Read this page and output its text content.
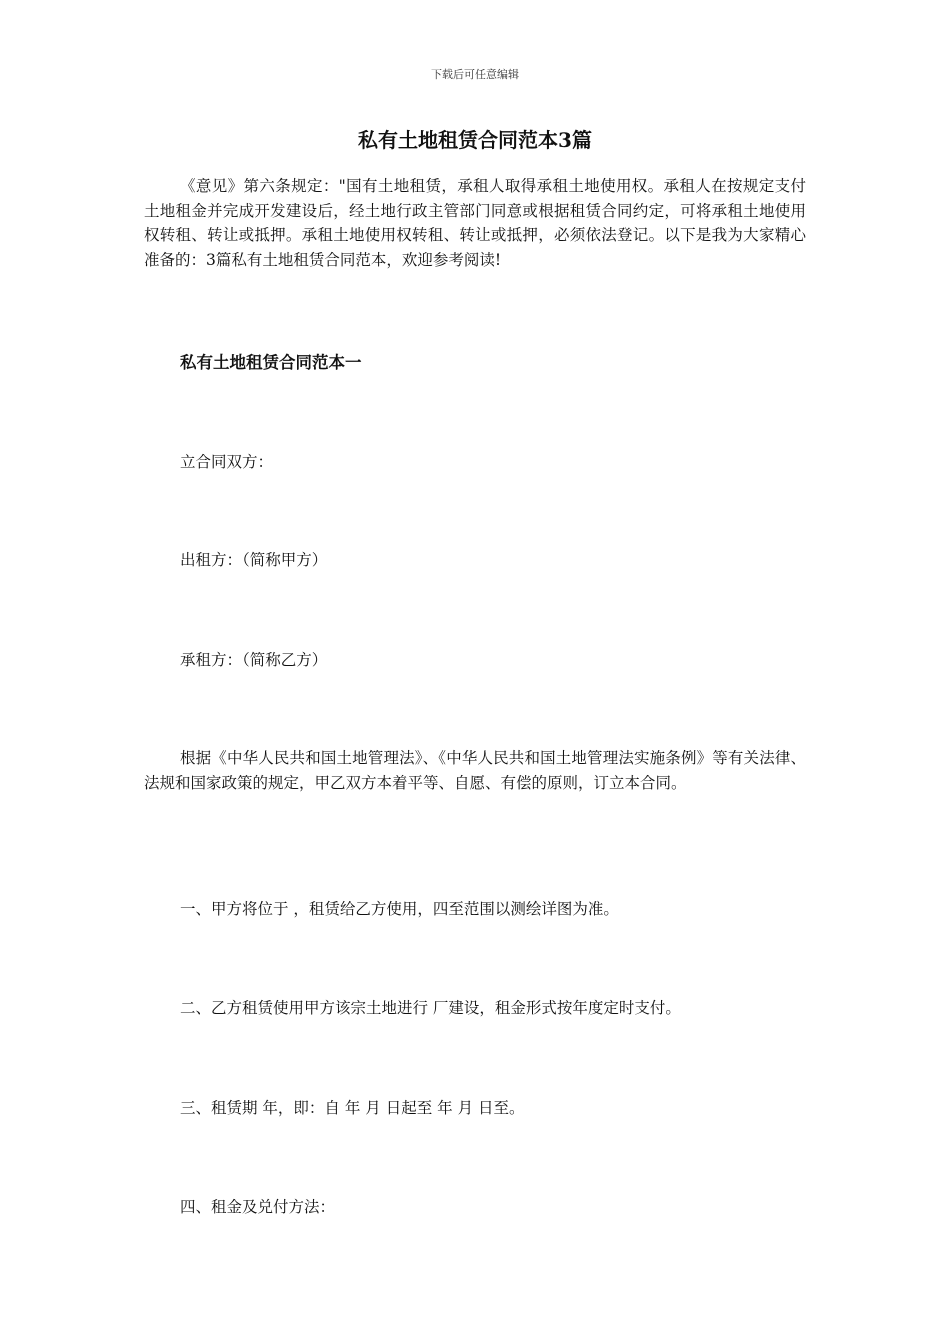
下载后可任意编辑
私有土地租赁合同范本3篇

《意见》第六条规定："国有土地租赁，承租人取得承租土地使用权。承租人在按规定支付土地租金并完成开发建设后，经土地行政主管部门同意或根据租赁合同约定，可将承租土地使用权转租、转让或抵押。承租土地使用权转租、转让或抵押，必须依法登记。以下是我为大家精心准备的：3篇私有土地租赁合同范本，欢迎参考阅读!

私有土地租赁合同范本一

立合同双方：

出租方：（简称甲方）

承租方：（简称乙方）

根据《中华人民共和国土地管理法》、《中华人民共和国土地管理法实施条例》等有关法律、法规和国家政策的规定，甲乙双方本着平等、自愿、有偿的原则，订立本合同。

一、甲方将位于 ，租赁给乙方使用，四至范围以测绘详图为准。

二、乙方租赁使用甲方该宗土地进行 厂建设，租金形式按年度定时支付。

三、租赁期 年，即：自 年 月 日起至 年 月 日至。

四、租金及兑付方法：
